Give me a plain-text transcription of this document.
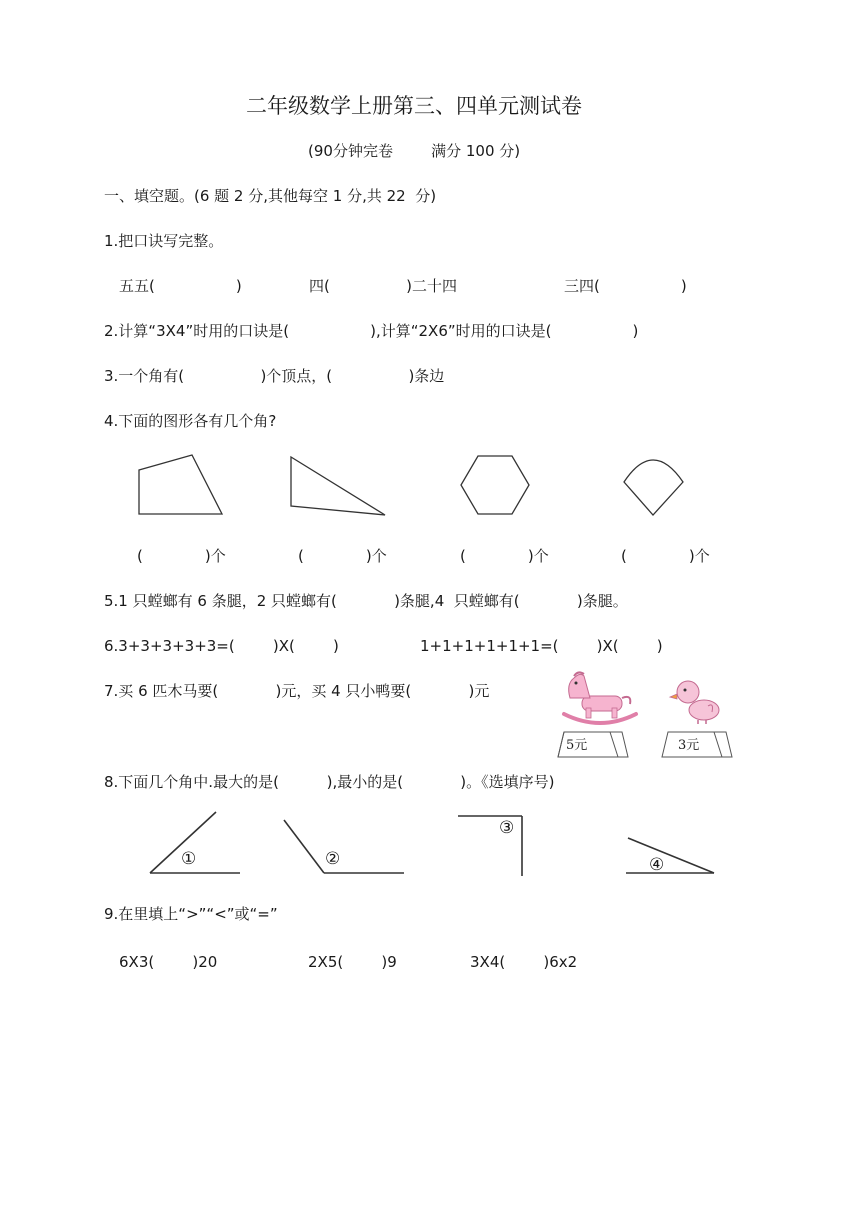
二年级数学上册第三、四单元测试卷
(90分钟完卷        满分 100 分)
一、填空题。(6 题 2 分,其他每空 1 分,共 22  分)
1.把口诀写完整。
五五(                 )	四(                )二十四	三四(                 )
2.计算“3X4”时用的口诀是(                 ),计算“2X6”时用的口诀是(                 )
3.一个角有(                )个顶点，(                )条边
4.下面的图形各有几个角?
(             )个	(             )个	(             )个	(             )个
5.1 只螳螂有 6 条腿，2 只螳螂有(            )条腿,4  只螳螂有(            )条腿。
6.3+3+3+3+3=(        )X(        )	1+1+1+1+1+1=(        )X(        )
7.买 6 匹木马要(            )元，买 4 只小鸭要(            )元
5元	3元
8.下面几个角中.最大的是(          ),最小的是(            )。《选填序号)
①	②
③
④
9.在里填上“>”“<”或“=”
6X3(        )20	2X5(        )9	3X4(        )6x2
